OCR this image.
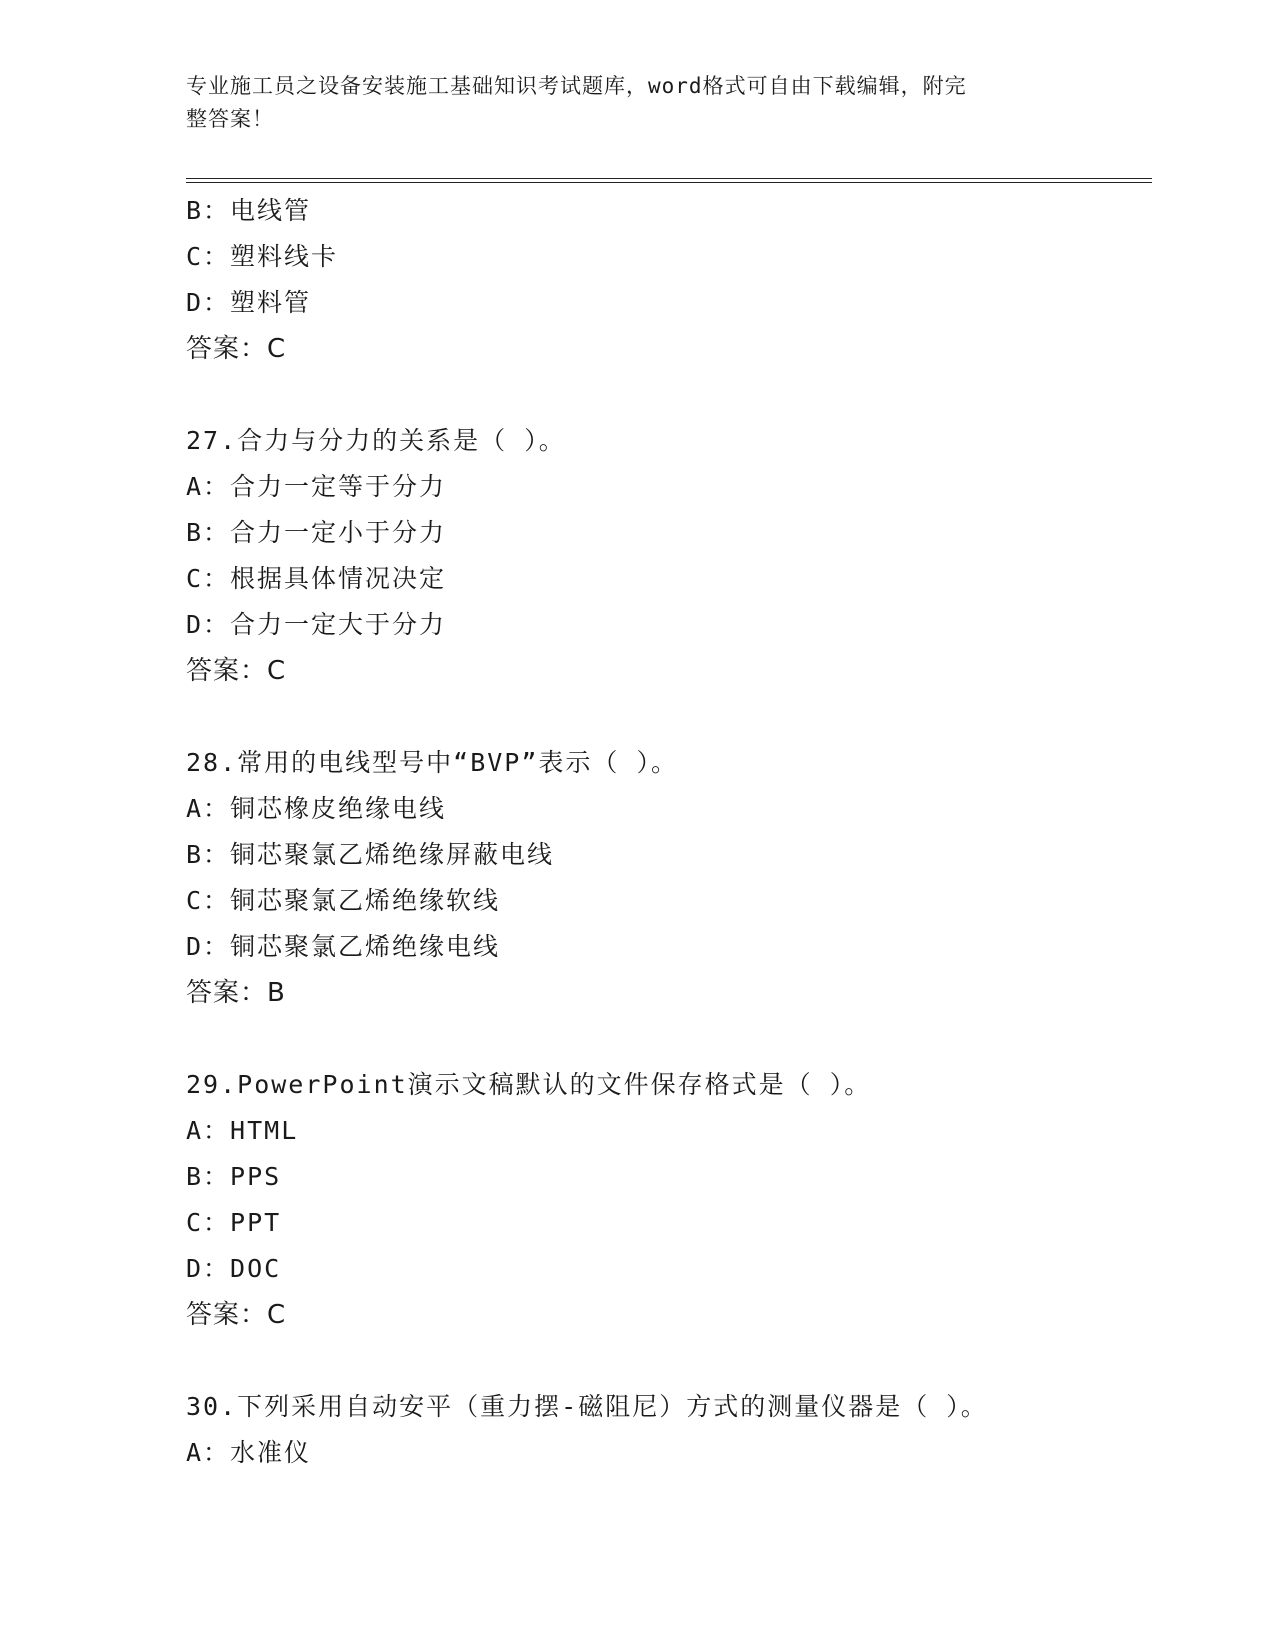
专业施工员之设备安装施工基础知识考试题库，word格式可自由下载编辑，附完
整答案！
B：电线管
C：塑料线卡
D：塑料管
答案：C
27.合力与分力的关系是（ ）。
A：合力一定等于分力
B：合力一定小于分力
C：根据具体情况决定
D：合力一定大于分力
答案：C
28.常用的电线型号中“BVP”表示（ ）。
A：铜芯橡皮绝缘电线
B：铜芯聚氯乙烯绝缘屏蔽电线
C：铜芯聚氯乙烯绝缘软线
D：铜芯聚氯乙烯绝缘电线
答案：B
29.PowerPoint演示文稿默认的文件保存格式是（ ）。
A：HTML
B：PPS
C：PPT
D：DOC
答案：C
30.下列采用自动安平（重力摆-磁阻尼）方式的测量仪器是（ ）。
A：水准仪
